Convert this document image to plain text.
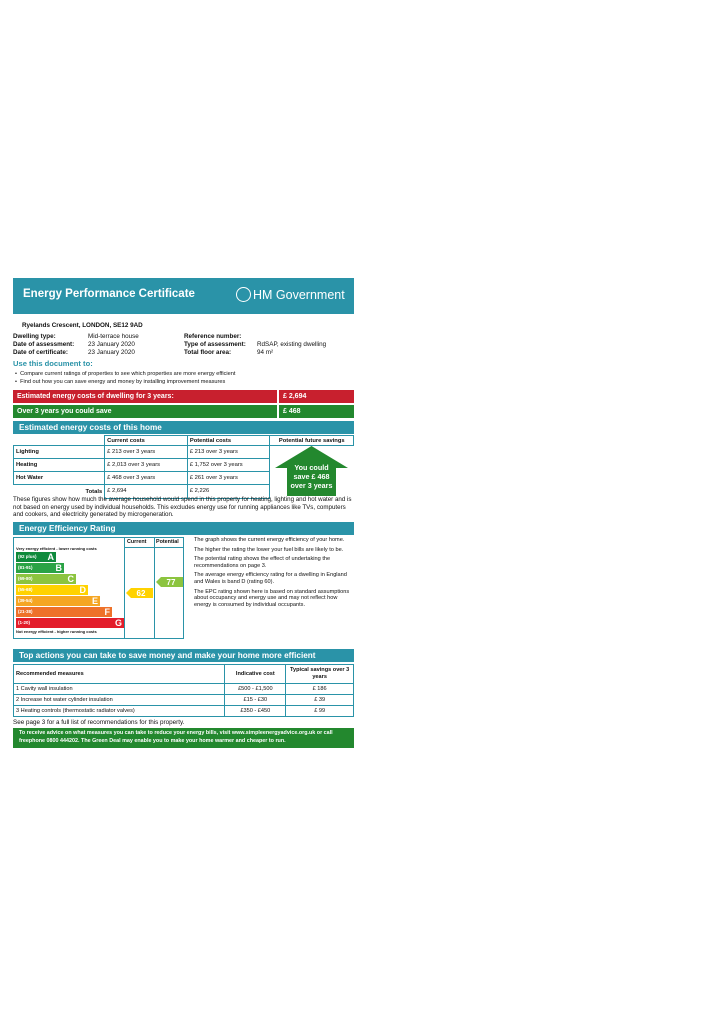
Energy Performance Certificate	HM Government
Ryelands Crescent, LONDON, SE12 9AD
Dwelling type:	Mid-terrace house
Date of assessment: 23 January 2020
Date of certificate:	23 January 2020
Reference number:
Type of assessment: RdSAP, existing dwelling
Total floor area:	94 m²
Use this document to:
•  Compare current ratings of properties to see which properties are more energy efficient
•  Find out how you can save energy and money by installing improvement measures
Estimated energy costs of dwelling for 3 years:	£ 2,694
Over 3 years you could save	£ 468
Estimated energy costs of this home
	Current costs	Potential costs	Potential future savings
Lighting	£ 213 over 3 years	£ 213 over 3 years	You could
save £ 468
over 3 years

Heating	£ 2,013 over 3 years	£ 1,752 over 3 years	
Hot Water	£ 468 over 3 years	£ 261 over 3 years	
Totals	£ 2,694	£ 2,226	
These figures show how much the average household would spend in this property for heating, lighting and hot water and is not based on energy used by individual households. This excludes energy use for running appliances like TVs, computers and cookers, and electricity generated by microgeneration.
Energy Efficiency Rating
Current Potential
Very energy efficient - lower running costs
(92 plus) A
(81-91)	B
(69-80)	C
(55-68)	D
(39-54)	E
(21-38)	F
(1-20)	G
Not energy efficient - higher running costs
62
77
The graph shows the current energy efficiency of your home.
The higher the rating the lower your fuel bills are likely to be.
The potential rating shows the effect of undertaking the recommendations on page 3.
The average energy efficiency rating for a dwelling in England and Wales is band D (rating 60).
The EPC rating shown here is based on standard assumptions about occupancy and energy use and may not reflect how energy is consumed by individual occupants.
Top actions you can take to save money and make your home more efficient
Recommended measures	Indicative cost	Typical savings over 3 years
1 Cavity wall insulation	£500 - £1,500	£ 186
2 Increase hot water cylinder insulation	£15 - £30	£ 39
3 Heating controls (thermostatic radiator valves)	£350 - £450	£ 99
See page 3 for a full list of recommendations for this property.
To receive advice on what measures you can take to reduce your energy bills, visit www.simpleenergyadvice.org.uk or call freephone 0800 444202. The Green Deal may enable you to make your home warmer and cheaper to run.
